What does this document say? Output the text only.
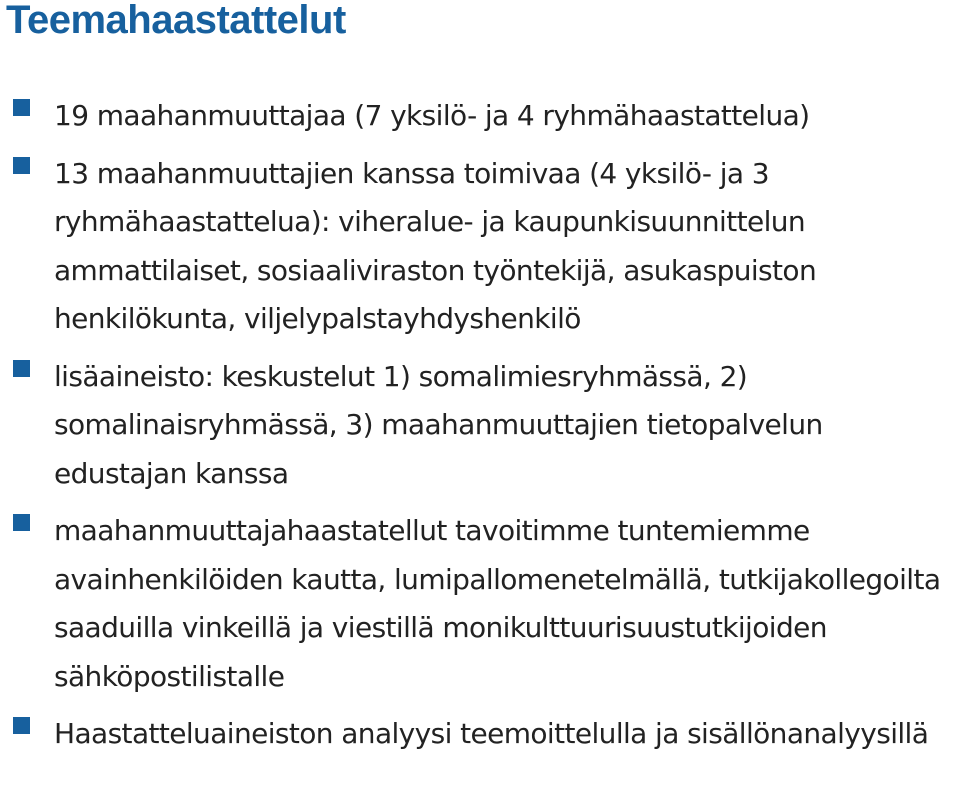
Teemahaastattelut
19 maahanmuuttajaa (7 yksilö- ja 4 ryhmähaastattelua)
13 maahanmuuttajien kanssa toimivaa (4 yksilö- ja 3 ryhmähaastattelua): viheralue- ja kaupunkisuunnittelun ammattilaiset, sosiaaliviraston työntekijä, asukaspuiston henkilökunta, viljelypalstayhdyshenkilö
lisäaineisto: keskustelut 1) somalimiesryhmässä, 2) somalinaisryhmässä, 3) maahanmuuttajien tietopalvelun edustajan kanssa
maahanmuuttajahaastatellut tavoitimme tuntemiemme avainhenkilöiden kautta, lumipallomenetelmällä, tutkijakollegoilta saaduilla vinkeillä ja viestillä monikulttuurisuustutkijoiden sähköpostilistalle
Haastatteluaineiston analyysi teemoittelulla ja sisällönanalyysillä
